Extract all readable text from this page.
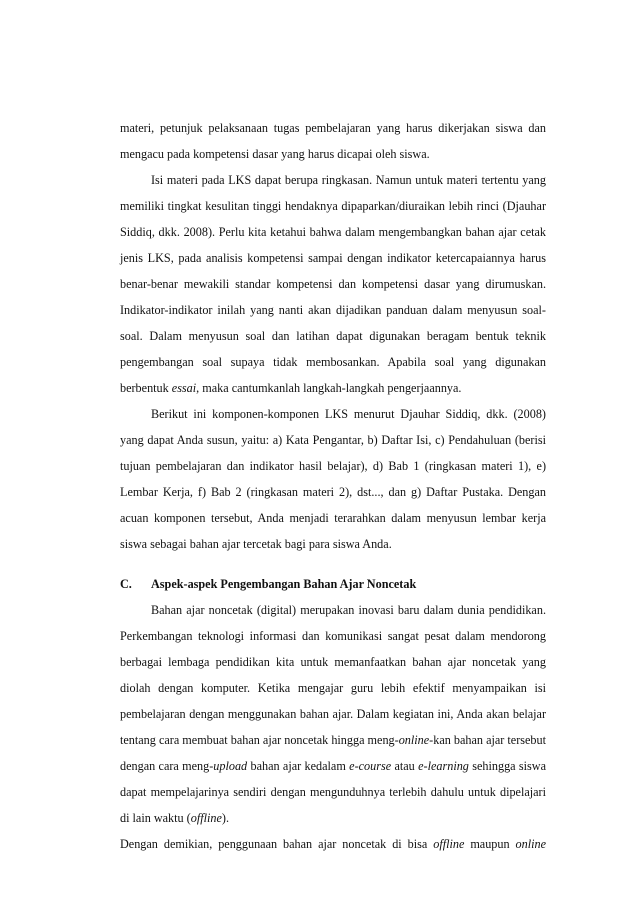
materi, petunjuk pelaksanaan tugas pembelajaran yang harus dikerjakan siswa dan mengacu pada kompetensi dasar yang harus dicapai oleh siswa.

Isi materi pada LKS dapat berupa ringkasan. Namun untuk materi tertentu yang memiliki tingkat kesulitan tinggi hendaknya dipaparkan/diuraikan lebih rinci (Djauhar Siddiq, dkk. 2008). Perlu kita ketahui bahwa dalam mengembangkan bahan ajar cetak jenis LKS, pada analisis kompetensi sampai dengan indikator ketercapaiannya harus benar-benar mewakili standar kompetensi dan kompetensi dasar yang dirumuskan. Indikator-indikator inilah yang nanti akan dijadikan panduan dalam menyusun soal-soal. Dalam menyusun soal dan latihan dapat digunakan beragam bentuk teknik pengembangan soal supaya tidak membosankan. Apabila soal yang digunakan berbentuk essai, maka cantumkanlah langkah-langkah pengerjaannya.

Berikut ini komponen-komponen LKS menurut Djauhar Siddiq, dkk. (2008) yang dapat Anda susun, yaitu: a) Kata Pengantar, b) Daftar Isi, c) Pendahuluan (berisi tujuan pembelajaran dan indikator hasil belajar), d) Bab 1 (ringkasan materi 1), e) Lembar Kerja, f) Bab 2 (ringkasan materi 2), dst..., dan g) Daftar Pustaka. Dengan acuan komponen tersebut, Anda menjadi terarahkan dalam menyusun lembar kerja siswa sebagai bahan ajar tercetak bagi para siswa Anda.

C.	Aspek-aspek Pengembangan Bahan Ajar Noncetak

Bahan ajar noncetak (digital) merupakan inovasi baru dalam dunia pendidikan. Perkembangan teknologi informasi dan komunikasi sangat pesat dalam mendorong berbagai lembaga pendidikan kita untuk memanfaatkan bahan ajar noncetak yang diolah dengan komputer. Ketika mengajar guru lebih efektif menyampaikan isi pembelajaran dengan menggunakan bahan ajar. Dalam kegiatan ini, Anda akan belajar tentang cara membuat bahan ajar noncetak hingga meng-online-kan bahan ajar tersebut dengan cara meng-upload bahan ajar kedalam e-course atau e-learning sehingga siswa dapat mempelajarinya sendiri dengan mengunduhnya terlebih dahulu untuk dipelajari di lain waktu (offline).

Dengan demikian, penggunaan bahan ajar noncetak di bisa offline maupun online
